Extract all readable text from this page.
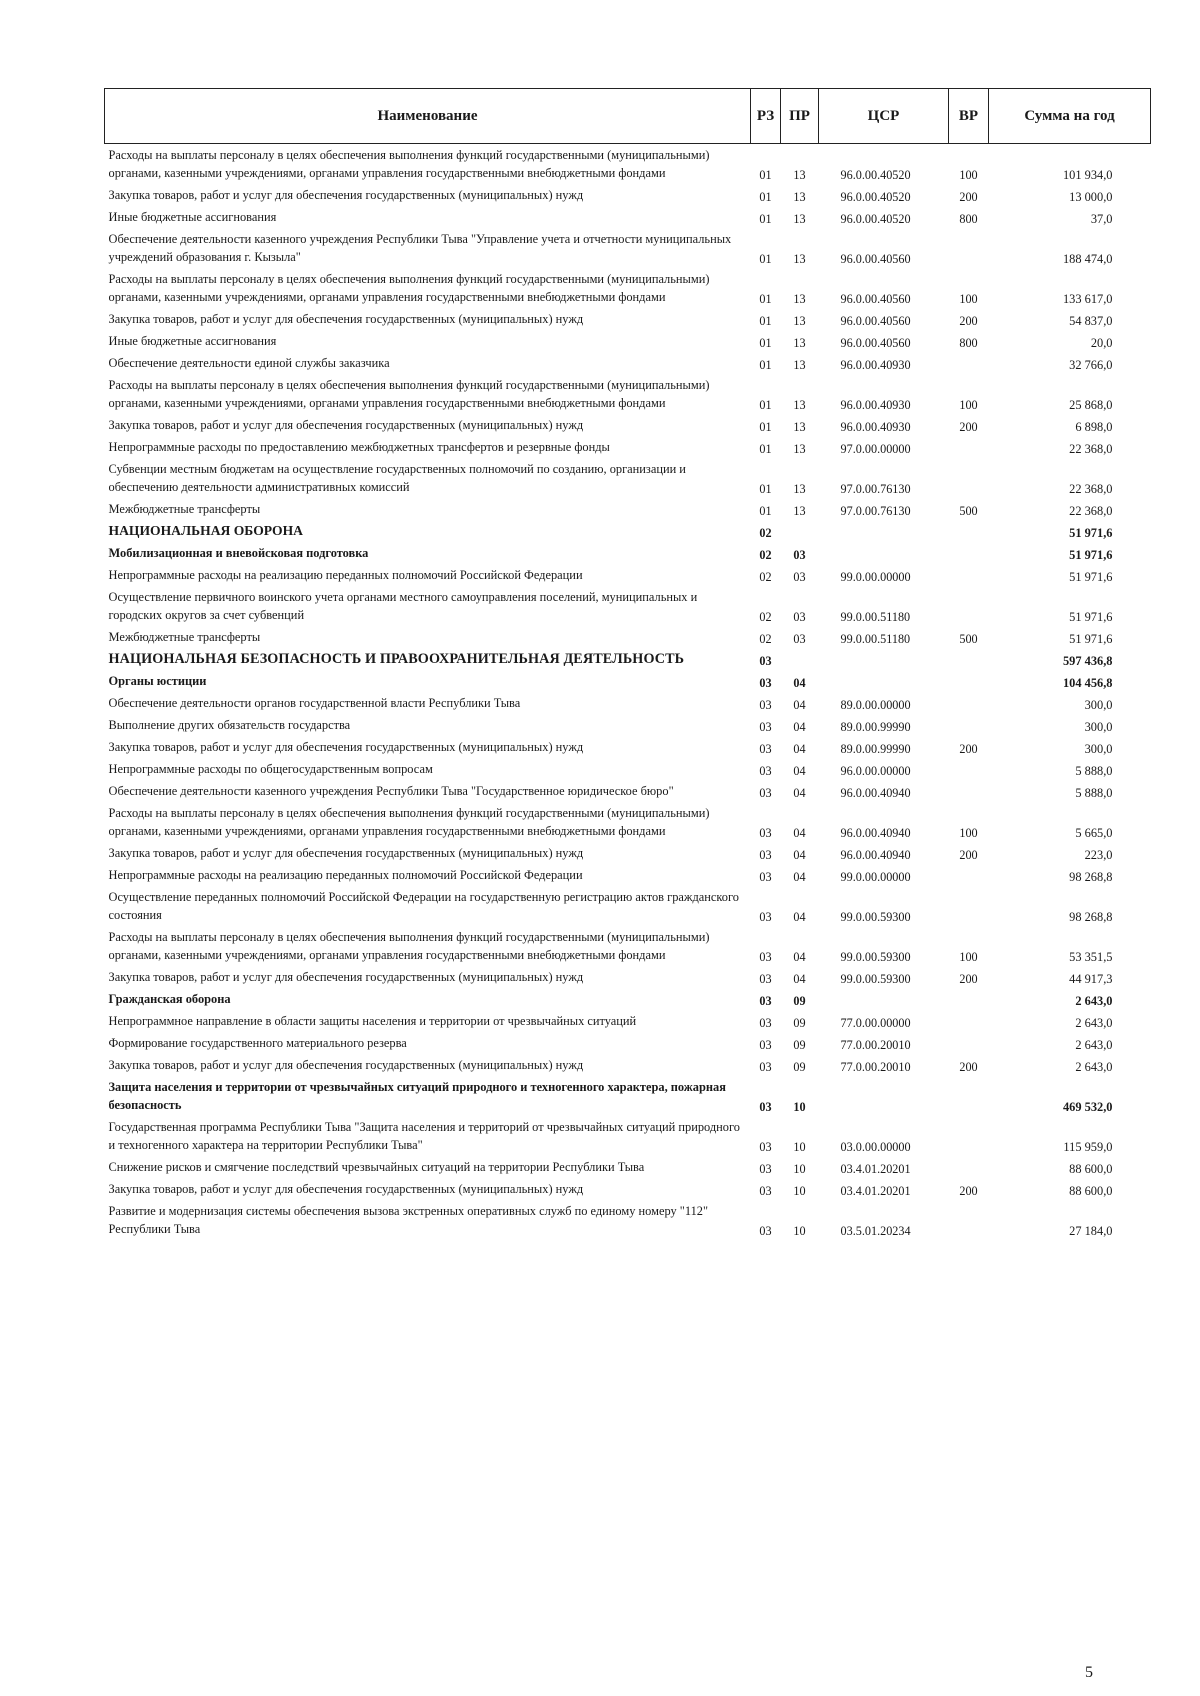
Наименование	РЗ	ПР	ЦСР	ВР	Сумма на год
Расходы на выплаты персоналу в целях обеспечения выполнения функций государственными (муниципальными) органами, казенными учреждениями, органами управления государственными внебюджетными фондами	01	13	96.0.00.40520	100	101 934,0
Закупка товаров, работ и услуг для обеспечения государственных (муниципальных) нужд	01	13	96.0.00.40520	200	13 000,0
Иные бюджетные ассигнования	01	13	96.0.00.40520	800	37,0
Обеспечение деятельности казенного учреждения Республики Тыва "Управление учета и отчетности муниципальных учреждений образования г. Кызыла"	01	13	96.0.00.40560		188 474,0
Расходы на выплаты персоналу в целях обеспечения выполнения функций государственными (муниципальными) органами, казенными учреждениями, органами управления государственными внебюджетными фондами	01	13	96.0.00.40560	100	133 617,0
Закупка товаров, работ и услуг для обеспечения государственных (муниципальных) нужд	01	13	96.0.00.40560	200	54 837,0
Иные бюджетные ассигнования	01	13	96.0.00.40560	800	20,0
Обеспечение деятельности единой службы заказчика	01	13	96.0.00.40930		32 766,0
Расходы на выплаты персоналу в целях обеспечения выполнения функций государственными (муниципальными) органами, казенными учреждениями, органами управления государственными внебюджетными фондами	01	13	96.0.00.40930	100	25 868,0
Закупка товаров, работ и услуг для обеспечения государственных (муниципальных) нужд	01	13	96.0.00.40930	200	6 898,0
Непрограммные расходы по предоставлению межбюджетных трансфертов и резервные фонды	01	13	97.0.00.00000		22 368,0
Субвенции местным бюджетам на осуществление государственных полномочий по созданию, организации и обеспечению деятельности административных комиссий	01	13	97.0.00.76130		22 368,0
Межбюджетные трансферты	01	13	97.0.00.76130	500	22 368,0
НАЦИОНАЛЬНАЯ ОБОРОНА	02				51 971,6
Мобилизационная и вневойсковая подготовка	02	03			51 971,6
Непрограммные расходы на реализацию переданных полномочий Российской Федерации	02	03	99.0.00.00000		51 971,6
Осуществление первичного воинского учета органами местного самоуправления поселений, муниципальных и городских округов за счет субвенций	02	03	99.0.00.51180		51 971,6
Межбюджетные трансферты	02	03	99.0.00.51180	500	51 971,6
НАЦИОНАЛЬНАЯ БЕЗОПАСНОСТЬ И ПРАВООХРАНИТЕЛЬНАЯ ДЕЯТЕЛЬНОСТЬ	03				597 436,8
Органы юстиции	03	04			104 456,8
Обеспечение деятельности органов государственной власти Республики Тыва	03	04	89.0.00.00000		300,0
Выполнение других обязательств государства	03	04	89.0.00.99990		300,0
Закупка товаров, работ и услуг для обеспечения государственных (муниципальных) нужд	03	04	89.0.00.99990	200	300,0
Непрограммные расходы по общегосударственным вопросам	03	04	96.0.00.00000		5 888,0
Обеспечение деятельности казенного учреждения Республики Тыва "Государственное юридическое бюро"	03	04	96.0.00.40940		5 888,0
Расходы на выплаты персоналу в целях обеспечения выполнения функций государственными (муниципальными) органами, казенными учреждениями, органами управления государственными внебюджетными фондами	03	04	96.0.00.40940	100	5 665,0
Закупка товаров, работ и услуг для обеспечения государственных (муниципальных) нужд	03	04	96.0.00.40940	200	223,0
Непрограммные расходы на реализацию переданных полномочий Российской Федерации	03	04	99.0.00.00000		98 268,8
Осуществление переданных полномочий Российской Федерации на государственную регистрацию актов гражданского состояния	03	04	99.0.00.59300		98 268,8
Расходы на выплаты персоналу в целях обеспечения выполнения функций государственными (муниципальными) органами, казенными учреждениями, органами управления государственными внебюджетными фондами	03	04	99.0.00.59300	100	53 351,5
Закупка товаров, работ и услуг для обеспечения государственных (муниципальных) нужд	03	04	99.0.00.59300	200	44 917,3
Гражданская оборона	03	09			2 643,0
Непрограммное направление в области защиты населения и территории от чрезвычайных ситуаций	03	09	77.0.00.00000		2 643,0
Формирование государственного материального резерва	03	09	77.0.00.20010		2 643,0
Закупка товаров, работ и услуг для обеспечения государственных (муниципальных) нужд	03	09	77.0.00.20010	200	2 643,0
Защита населения и территории от чрезвычайных ситуаций природного и техногенного характера, пожарная безопасность	03	10			469 532,0
Государственная программа Республики Тыва "Защита населения и территорий от чрезвычайных ситуаций природного и техногенного характера на территории Республики Тыва"	03	10	03.0.00.00000		115 959,0
Снижение рисков и смягчение последствий чрезвычайных ситуаций на территории Республики Тыва	03	10	03.4.01.20201		88 600,0
Закупка товаров, работ и услуг для обеспечения государственных (муниципальных) нужд	03	10	03.4.01.20201	200	88 600,0
Развитие и модернизация системы обеспечения вызова экстренных оперативных служб по единому номеру "112" Республики Тыва	03	10	03.5.01.20234		27 184,0
5
